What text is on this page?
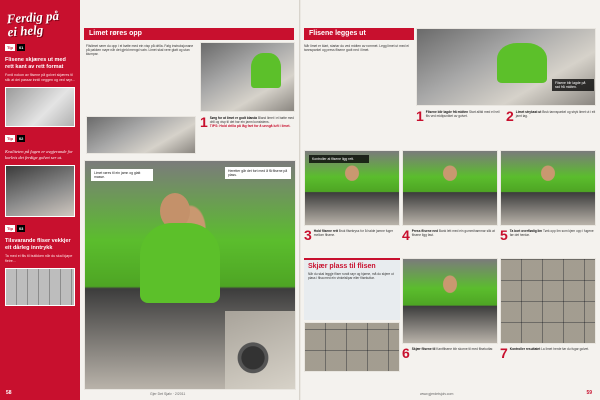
Ferdig på
ei helg
Tip	01
Flisene skjæres ut med rett kant av rett format
Fordi nokon av flisene på golvet skjæres til slik at dei passar inntil veggen og ved røyr...
Tip	02
Kvaliteten på fugen er avgjerande for korleis det ferdige golvet ser ut.
Tip	03
Tilsvarande fliser vekkjer eit dårleg inntrykk
Ta med ei flis til butikken når du skal kjøpe fleire...
58
Limet røres opp
Flislimet rører du opp i ei bøtte med ein visp på drilla. Følg instruksjonane på pakken nøye når det gjeld mengd vatn. Limet skal vere glatt og utan klumpar.
1 Sørg for at limet er godt blanda Bland limet i ei bøtte med drill og visp til det har ein jamn konsistens.
TIPS: Hold drilla på låg fart for å unngå luft i limet.
Limet røres til ein jamn og glatt masse.
Heretter går det fort med å få flisene på plass.
Gjer Det Sjølv · 2/2011
Flisene legges ut
Når limet er klart, startar du ved midten av rommet. Legg limet ut med ei tannsparkel og press flisene godt ned i limet.
Flisene blir lagde på rad frå midten.
1 Flisene blir lagde frå midten Start alltid med ei heil flis ved midtpunktet av golvet.	2 Limet strykast ut Bruk tannsparkel og stryk limet ut i eit jamt lag.
Kontroller at flisene ligg rett.
3 Hold flisene rett Bruk flisekryss for å halde jamne fuger mellom flisene.	4 Press flisene ned Bank lett med ein gummihammar slik at flisene ligg fast.	5 Ta bort overflødig lim Tørk opp lim som kjem opp i fugene før det herdar.
Skjær plass til flisen
Når du skal leggje fliser rundt røyr og hjørne, må du skjere ut plass i flisa med ein vinkelslipar eller flisekuttar.
6 Skjær flisene til Kantflisene blir skorne til med flisekuttar. 7 Kontroller resultatet La limet herde før du fugar golvet.
www.gjerdetsjolv.com	59
